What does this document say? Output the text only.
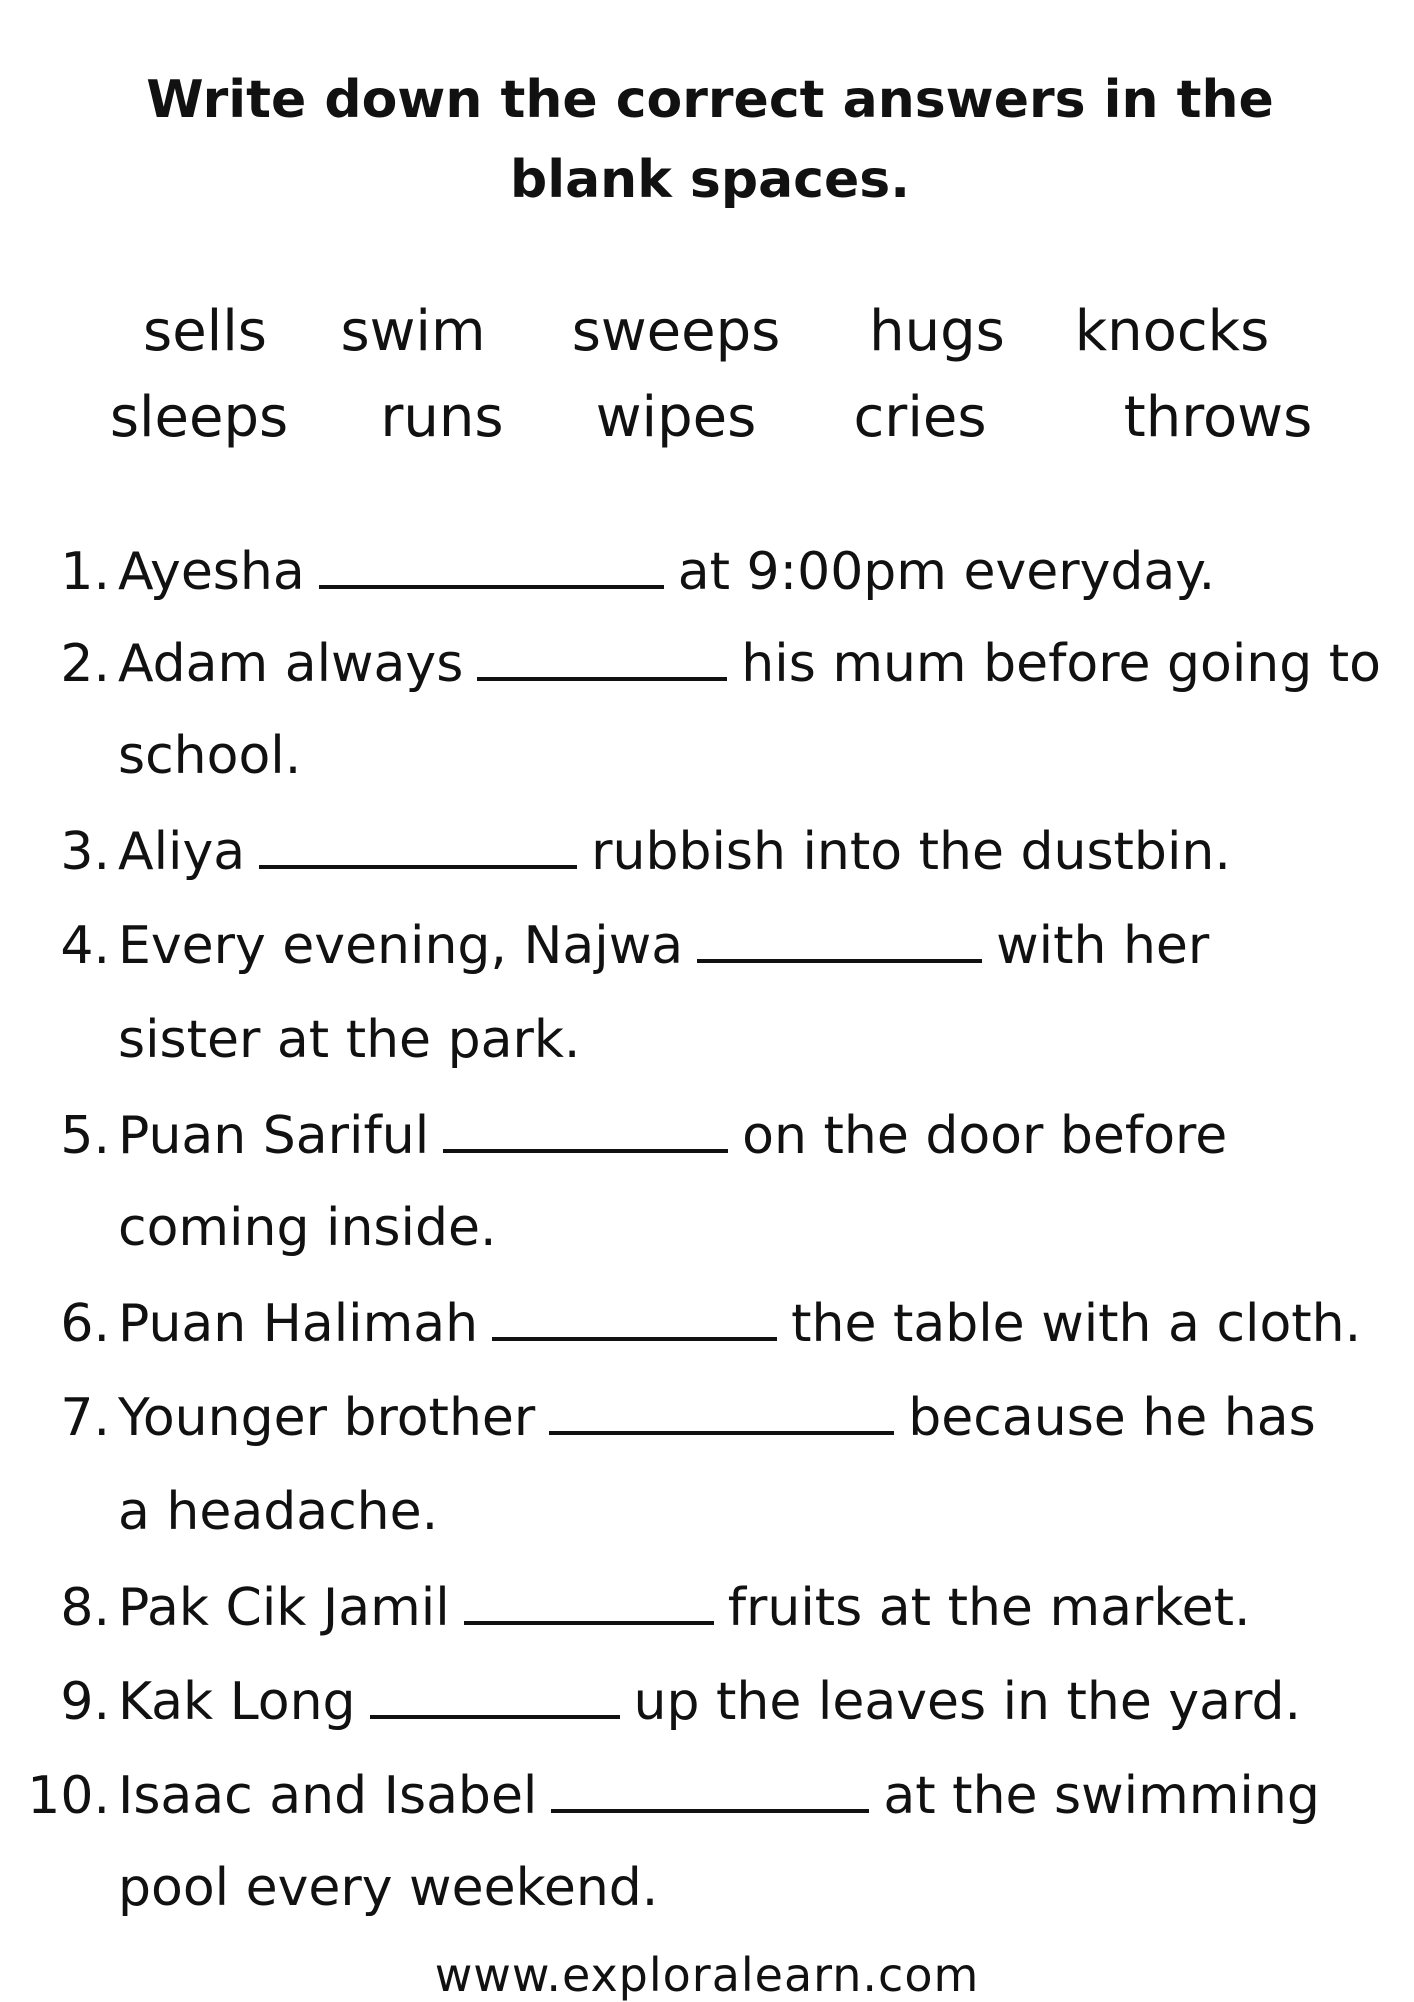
Write down the correct answers in the blank spaces.
sells swim sweeps hugs knocks
sleeps runs wipes cries throws
1. Ayesha	at 9:00pm everyday.
2. Adam always	his mum before going to
school.
3. Aliya	rubbish into the dustbin.
4. Every evening, Najwa	with her
sister at the park.
5. Puan Sariful	on the door before
coming inside.
6. Puan Halimah	the table with a cloth.
7. Younger brother	because he has
a headache.
8. Pak Cik Jamil	fruits at the market.
9. Kak Long	up the leaves in the yard.
10. Isaac and Isabel	at the swimming
pool every weekend.
www.exploralearn.com
